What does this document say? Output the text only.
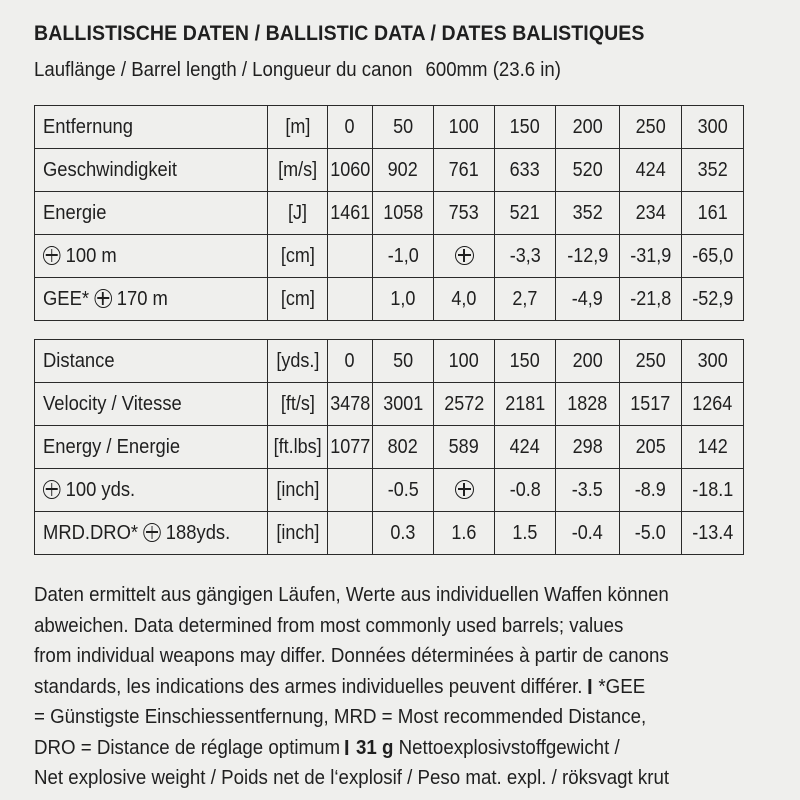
BALLISTISCHE DATEN / BALLISTIC DATA / DATES BALISTIQUES
Lauflänge / Barrel length / Longueur du canon 600mm (23.6 in)
Entfernung	[m]	0	50	100	150	200	250	300
Geschwindigkeit	[m/s]	1060	902	761	633	520	424	352
Energie	[J]	1461	1058	753	521	352	234	161
100 m	[cm]		-1,0		-3,3	-12,9	-31,9	-65,0
GEE* 170 m	[cm]		1,0	4,0	2,7	-4,9	-21,8	-52,9
Distance	[yds.]	0	50	100	150	200	250	300
Velocity / Vitesse	[ft/s]	3478	3001	2572	2181	1828	1517	1264
Energy / Energie	[ft.lbs]	1077	802	589	424	298	205	142
100 yds.	[inch]		-0.5		-0.8	-3.5	-8.9	-18.1
MRD.DRO* 188yds.	[inch]		0.3	1.6	1.5	-0.4	-5.0	-13.4
Daten ermittelt aus gängigen Läufen, Werte aus individuellen Waffen können
abweichen. Data determined from most commonly used barrels; values
from individual weapons may differ. Données déterminées à partir de canons
standards, les indications des armes individuelles peuvent différer. *GEE
= Günstigste Einschiessentfernung, MRD = Most recommended Distance,
DRO = Distance de réglage optimum 31 g Nettoexplosivstoffgewicht /
Net explosive weight / Poids net de l‘explosif / Peso mat. expl. / röksvagt krut
